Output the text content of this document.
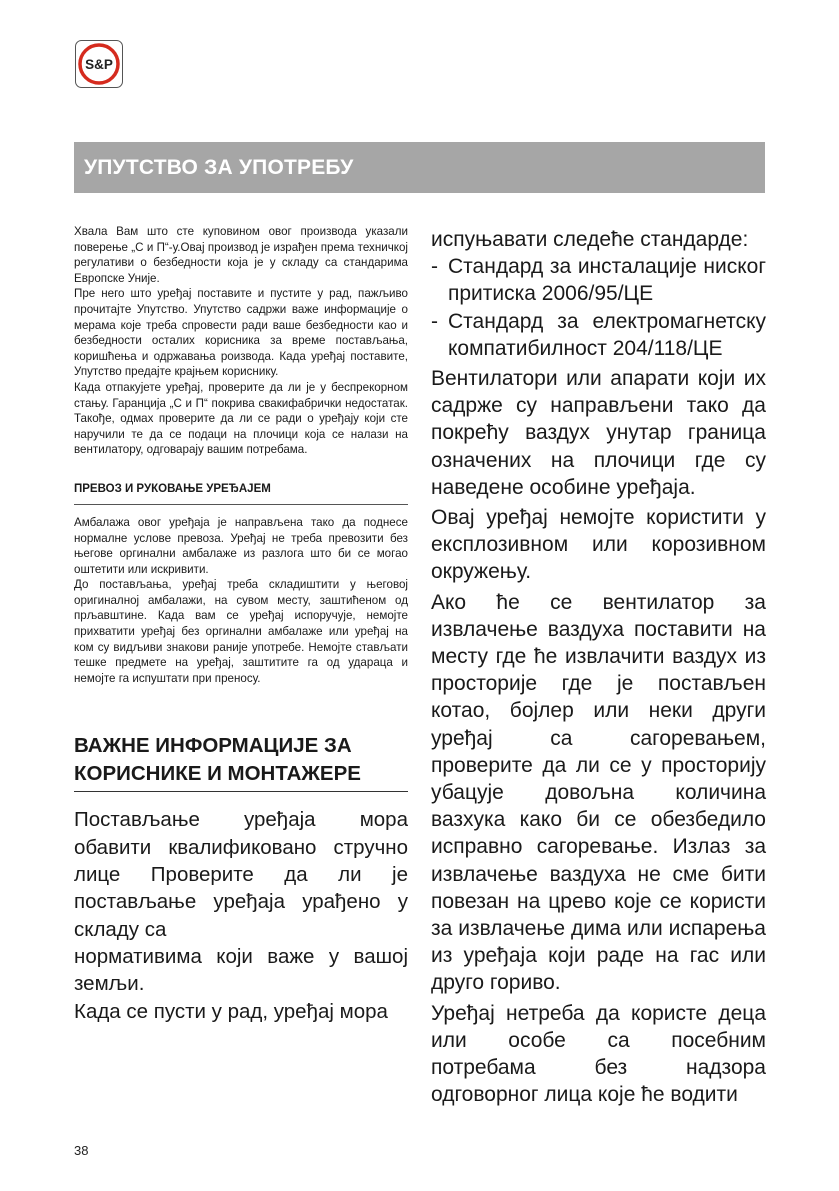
S&P
УПУТСТВО ЗА УПОТРЕБУ

Хвала Вам што сте куповином овог производа указали поверење „С и П“-у.Овај производ је израђен према техничкој регулативи о безбедности која је у складу са стандарима Европске Уније.

Пре него што уређај поставите и пустите у рад, пажљиво прочитајте Упутство. Упутство садржи важе информације о мерама које треба спровести ради ваше безбедности као и безбедности осталих корисника за време постављања, коришћења и одржавања роизвода. Када уређај поставите, Упутство предајте крајњем кориснику.

Када отпакујете уређај, проверите да ли је у беспрекорном стању. Гаранција „С и П“ покрива свакифабрички недостатак. Такође, одмах проверите да ли се ради о уређају који сте наручили те да се подаци на плочици која се налази на вентилатору, одговарају вашим потребама.

ПРЕВОЗ И РУКОВАЊЕ УРЕЂАЈЕМ

Амбалажа овог уређаја је направљена тако да поднесе нормалне услове превоза. Уређај не треба превозити без његове оргинални амбалаже из разлога што би се могао оштетити или искривити.

До постављања, уређај треба складиштити у његовој оригиналној амбалажи, на сувом месту, заштићеном од прљавштине. Када вам се уређај испоручује, немојте прихватити уређај без оргинални амбалаже или уређај на ком су видљиви знакови раније употребе. Немојте стављати тешке предмете на уређај, заштитите га од удараца и немојте га испуштати при преносу.

ВАЖНЕ ИНФОРМАЦИЈЕ ЗА КОРИСНИКЕ И МОНТАЖЕРЕ

Постављање уређаја мора обавити квалификовано стручно лице Проверите да ли је постављање уређаја урађено у складу са

нормативима који важе у вашој земљи.

Када се пусти у рад, уређај мора

испуњавати следеће стандарде:

- Стандард за инсталације ниског притиска 2006/95/ЦЕ
- Стандард за електромагнетску компатибилност 204/118/ЦЕ

Вентилатори или апарати који их садрже су направљени тако да покрећу ваздух унутар граница означених на плочици где су наведене особине уређаја.

Овај уређај немојте користити у експлозивном или корозивном окружењу.

Ако ће се вентилатор за извлачење ваздуха поставити на месту где ће извлачити ваздух из просторије где је постављен котао, бојлер или неки други уређај са сагоревањем, проверите да ли се у просторију убацује довољна количина вазхука како би се обезбедило исправно сагоревање. Излаз за извлачење ваздуха не сме бити повезан на црево које се користи за извлачење дима или испарења из уређаја који раде на гас или друго гориво.

Уређај нетреба да користе деца или особе са посебним потребама без надзора одговорног лица које ће водити

38
